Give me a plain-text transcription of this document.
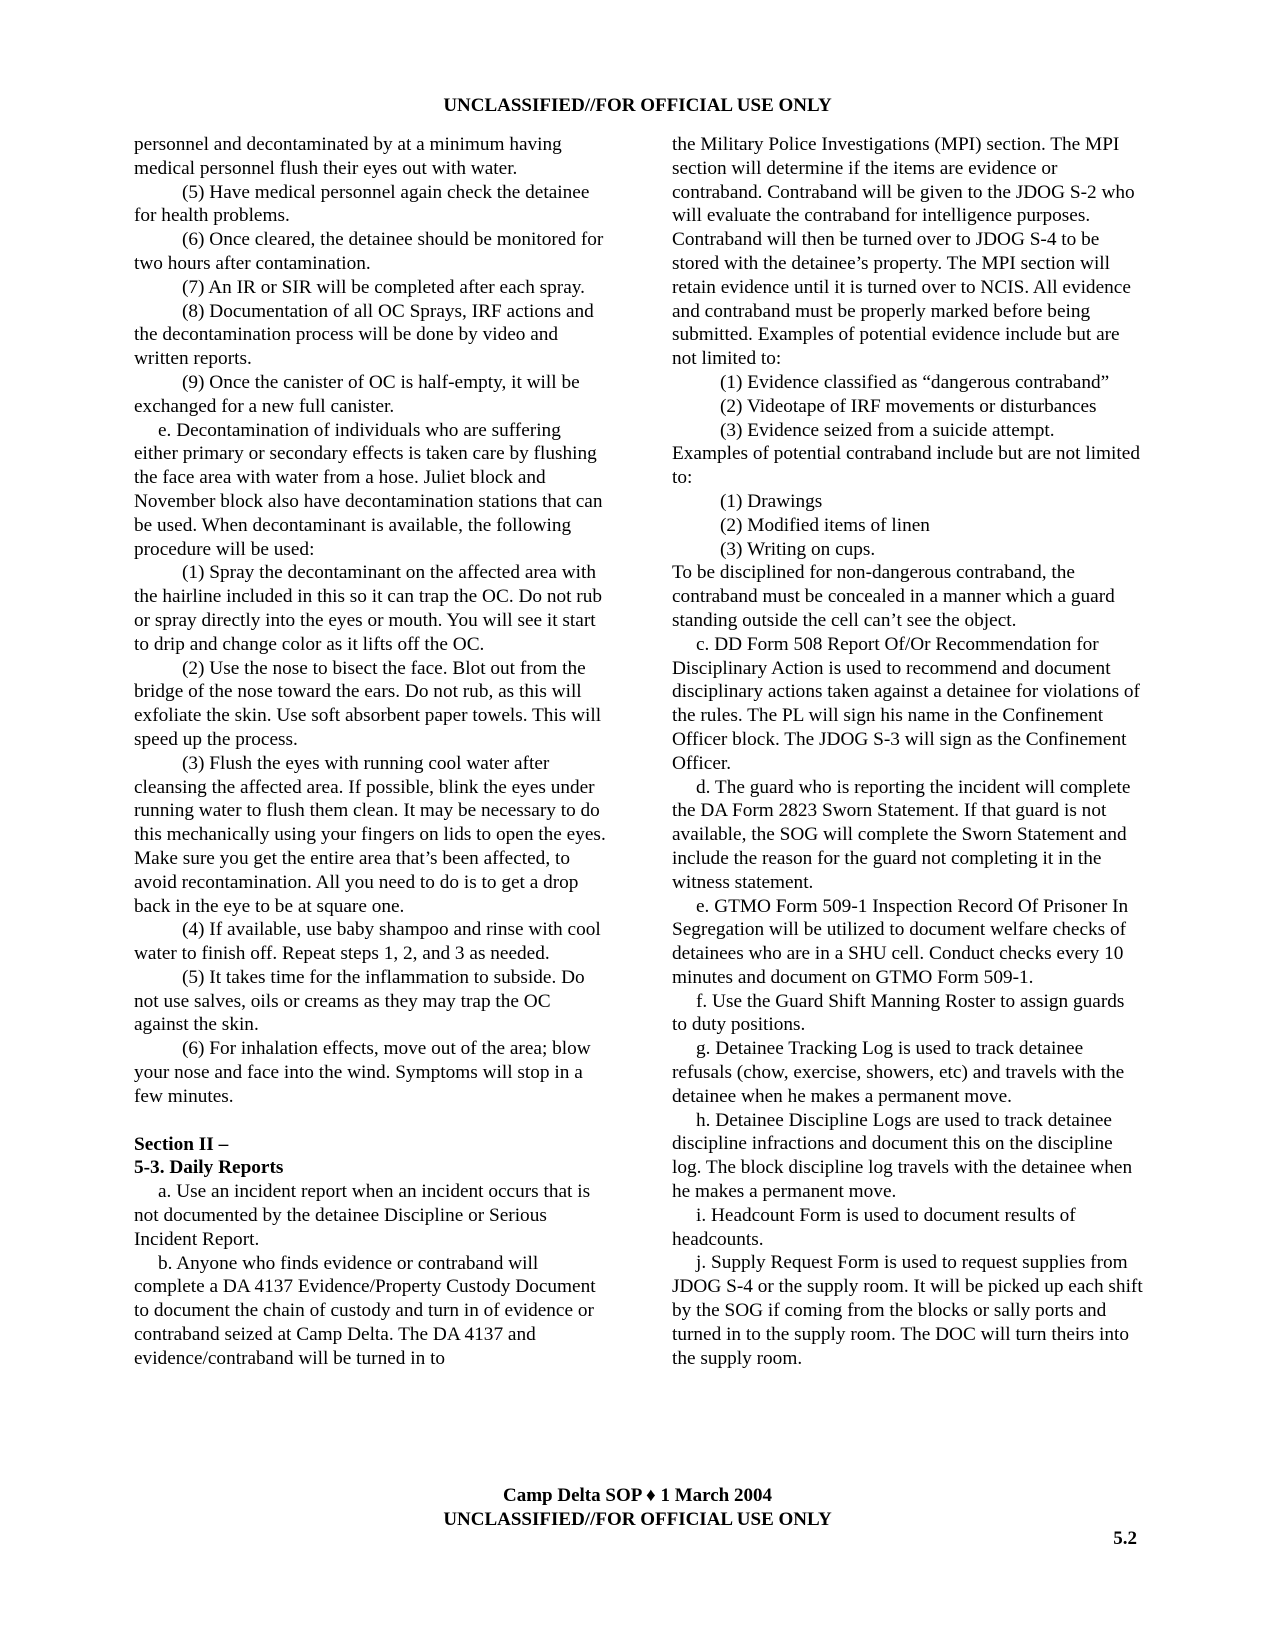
UNCLASSIFIED//FOR OFFICIAL USE ONLY

personnel and decontaminated by at a minimum having medical personnel flush their eyes out with water.

(5) Have medical personnel again check the detainee for health problems.

(6) Once cleared, the detainee should be monitored for two hours after contamination.

(7) An IR or SIR will be completed after each spray.

(8) Documentation of all OC Sprays, IRF actions and the decontamination process will be done by video and written reports.

(9) Once the canister of OC is half-empty, it will be exchanged for a new full canister.

e. Decontamination of individuals who are suffering either primary or secondary effects is taken care by flushing the face area with water from a hose. Juliet block and November block also have decontamination stations that can be used. When decontaminant is available, the following procedure will be used:

(1) Spray the decontaminant on the affected area with the hairline included in this so it can trap the OC. Do not rub or spray directly into the eyes or mouth. You will see it start to drip and change color as it lifts off the OC.

(2) Use the nose to bisect the face. Blot out from the bridge of the nose toward the ears. Do not rub, as this will exfoliate the skin. Use soft absorbent paper towels. This will speed up the process.

(3) Flush the eyes with running cool water after cleansing the affected area. If possible, blink the eyes under running water to flush them clean. It may be necessary to do this mechanically using your fingers on lids to open the eyes. Make sure you get the entire area that’s been affected, to avoid recontamination. All you need to do is to get a drop back in the eye to be at square one.

(4) If available, use baby shampoo and rinse with cool water to finish off. Repeat steps 1, 2, and 3 as needed.

(5) It takes time for the inflammation to subside. Do not use salves, oils or creams as they may trap the OC against the skin.

(6) For inhalation effects, move out of the area; blow your nose and face into the wind. Symptoms will stop in a few minutes.

Section II –

5-3. Daily Reports

a. Use an incident report when an incident occurs that is not documented by the detainee Discipline or Serious Incident Report.

b. Anyone who finds evidence or contraband will complete a DA 4137 Evidence/Property Custody Document to document the chain of custody and turn in of evidence or contraband seized at Camp Delta. The DA 4137 and evidence/contraband will be turned in to

the Military Police Investigations (MPI) section. The MPI section will determine if the items are evidence or contraband. Contraband will be given to the JDOG S-2 who will evaluate the contraband for intelligence purposes. Contraband will then be turned over to JDOG S-4 to be stored with the detainee’s property. The MPI section will retain evidence until it is turned over to NCIS. All evidence and contraband must be properly marked before being submitted. Examples of potential evidence include but are not limited to:

(1) Evidence classified as “dangerous contraband”

(2) Videotape of IRF movements or disturbances

(3) Evidence seized from a suicide attempt.

Examples of potential contraband include but are not limited to:

(1) Drawings

(2) Modified items of linen

(3) Writing on cups.

To be disciplined for non-dangerous contraband, the contraband must be concealed in a manner which a guard standing outside the cell can’t see the object.

c. DD Form 508 Report Of/Or Recommendation for Disciplinary Action is used to recommend and document disciplinary actions taken against a detainee for violations of the rules. The PL will sign his name in the Confinement Officer block. The JDOG S-3 will sign as the Confinement Officer.

d. The guard who is reporting the incident will complete the DA Form 2823 Sworn Statement. If that guard is not available, the SOG will complete the Sworn Statement and include the reason for the guard not completing it in the witness statement.

e. GTMO Form 509-1 Inspection Record Of Prisoner In Segregation will be utilized to document welfare checks of detainees who are in a SHU cell. Conduct checks every 10 minutes and document on GTMO Form 509-1.

f. Use the Guard Shift Manning Roster to assign guards to duty positions.

g. Detainee Tracking Log is used to track detainee refusals (chow, exercise, showers, etc) and travels with the detainee when he makes a permanent move.

h. Detainee Discipline Logs are used to track detainee discipline infractions and document this on the discipline log. The block discipline log travels with the detainee when he makes a permanent move.

i. Headcount Form is used to document results of headcounts.

j. Supply Request Form is used to request supplies from JDOG S-4 or the supply room. It will be picked up each shift by the SOG if coming from the blocks or sally ports and turned in to the supply room. The DOC will turn theirs into the supply room.

Camp Delta SOP ♦ 1 March 2004
UNCLASSIFIED//FOR OFFICIAL USE ONLY
5.2
